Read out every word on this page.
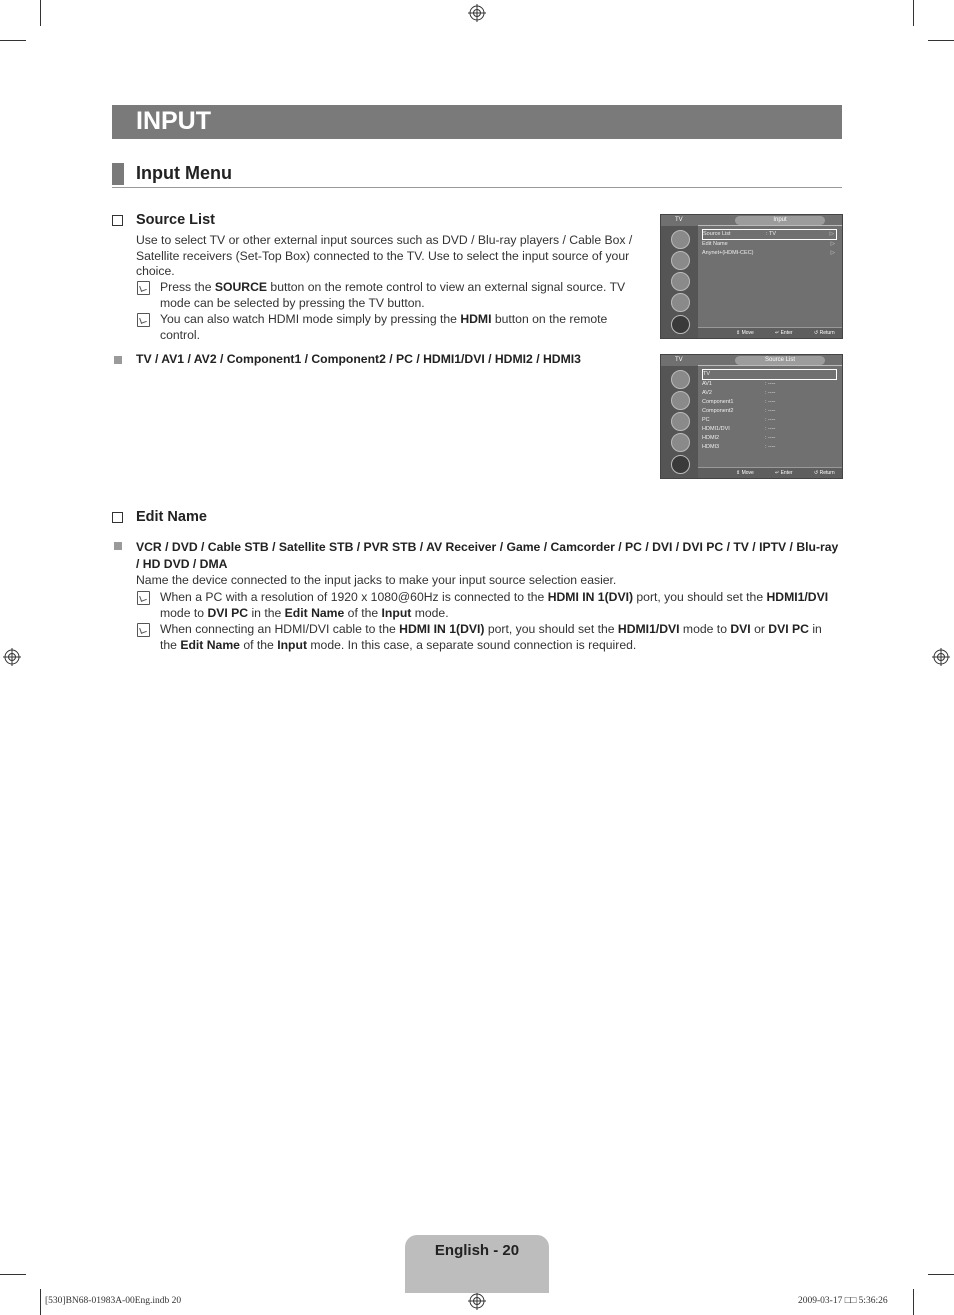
INPUT
Input Menu
Source List
Use to select TV or other external input sources such as DVD / Blu-ray players / Cable Box / Satellite receivers (Set-Top Box) connected to the TV. Use to select the input source of your choice.
Press the SOURCE button on the remote control to view an external signal source. TV mode can be selected by pressing the TV button.
You can also watch HDMI mode simply by pressing the HDMI button on the remote control.
TV / AV1 / AV2 / Component1 / Component2 / PC / HDMI1/DVI / HDMI2 / HDMI3
TV	Input
Source List	: TV	▷
Edit Name	▷
Anynet+(HDMI-CEC)	▷
⇕ Move	↵ Enter	↺ Return
TV	Source List
TV
AV1	: ----
AV2	: ----
Component1	: ----
Component2	: ----
PC	: ----
HDMI1/DVI	: ----
HDMI2	: ----
HDMI3	: ----
⇕ Move	↵ Enter	↺ Return
Edit Name
VCR / DVD / Cable STB / Satellite STB / PVR STB / AV Receiver / Game / Camcorder / PC / DVI / DVI PC / TV / IPTV / Blu-ray / HD DVD / DMA
Name the device connected to the input jacks to make your input source selection easier.
When a PC with a resolution of 1920 x 1080@60Hz is connected to the HDMI IN 1(DVI) port, you should set the HDMI1/DVI mode to DVI PC in the Edit Name of the Input mode.
When connecting an HDMI/DVI cable to the HDMI IN 1(DVI) port, you should set the HDMI1/DVI mode to DVI or DVI PC in the Edit Name of the Input mode. In this case, a separate sound connection is required.
English - 20
[530]BN68-01983A-00Eng.indb 20	2009-03-17 □□ 5:36:26
